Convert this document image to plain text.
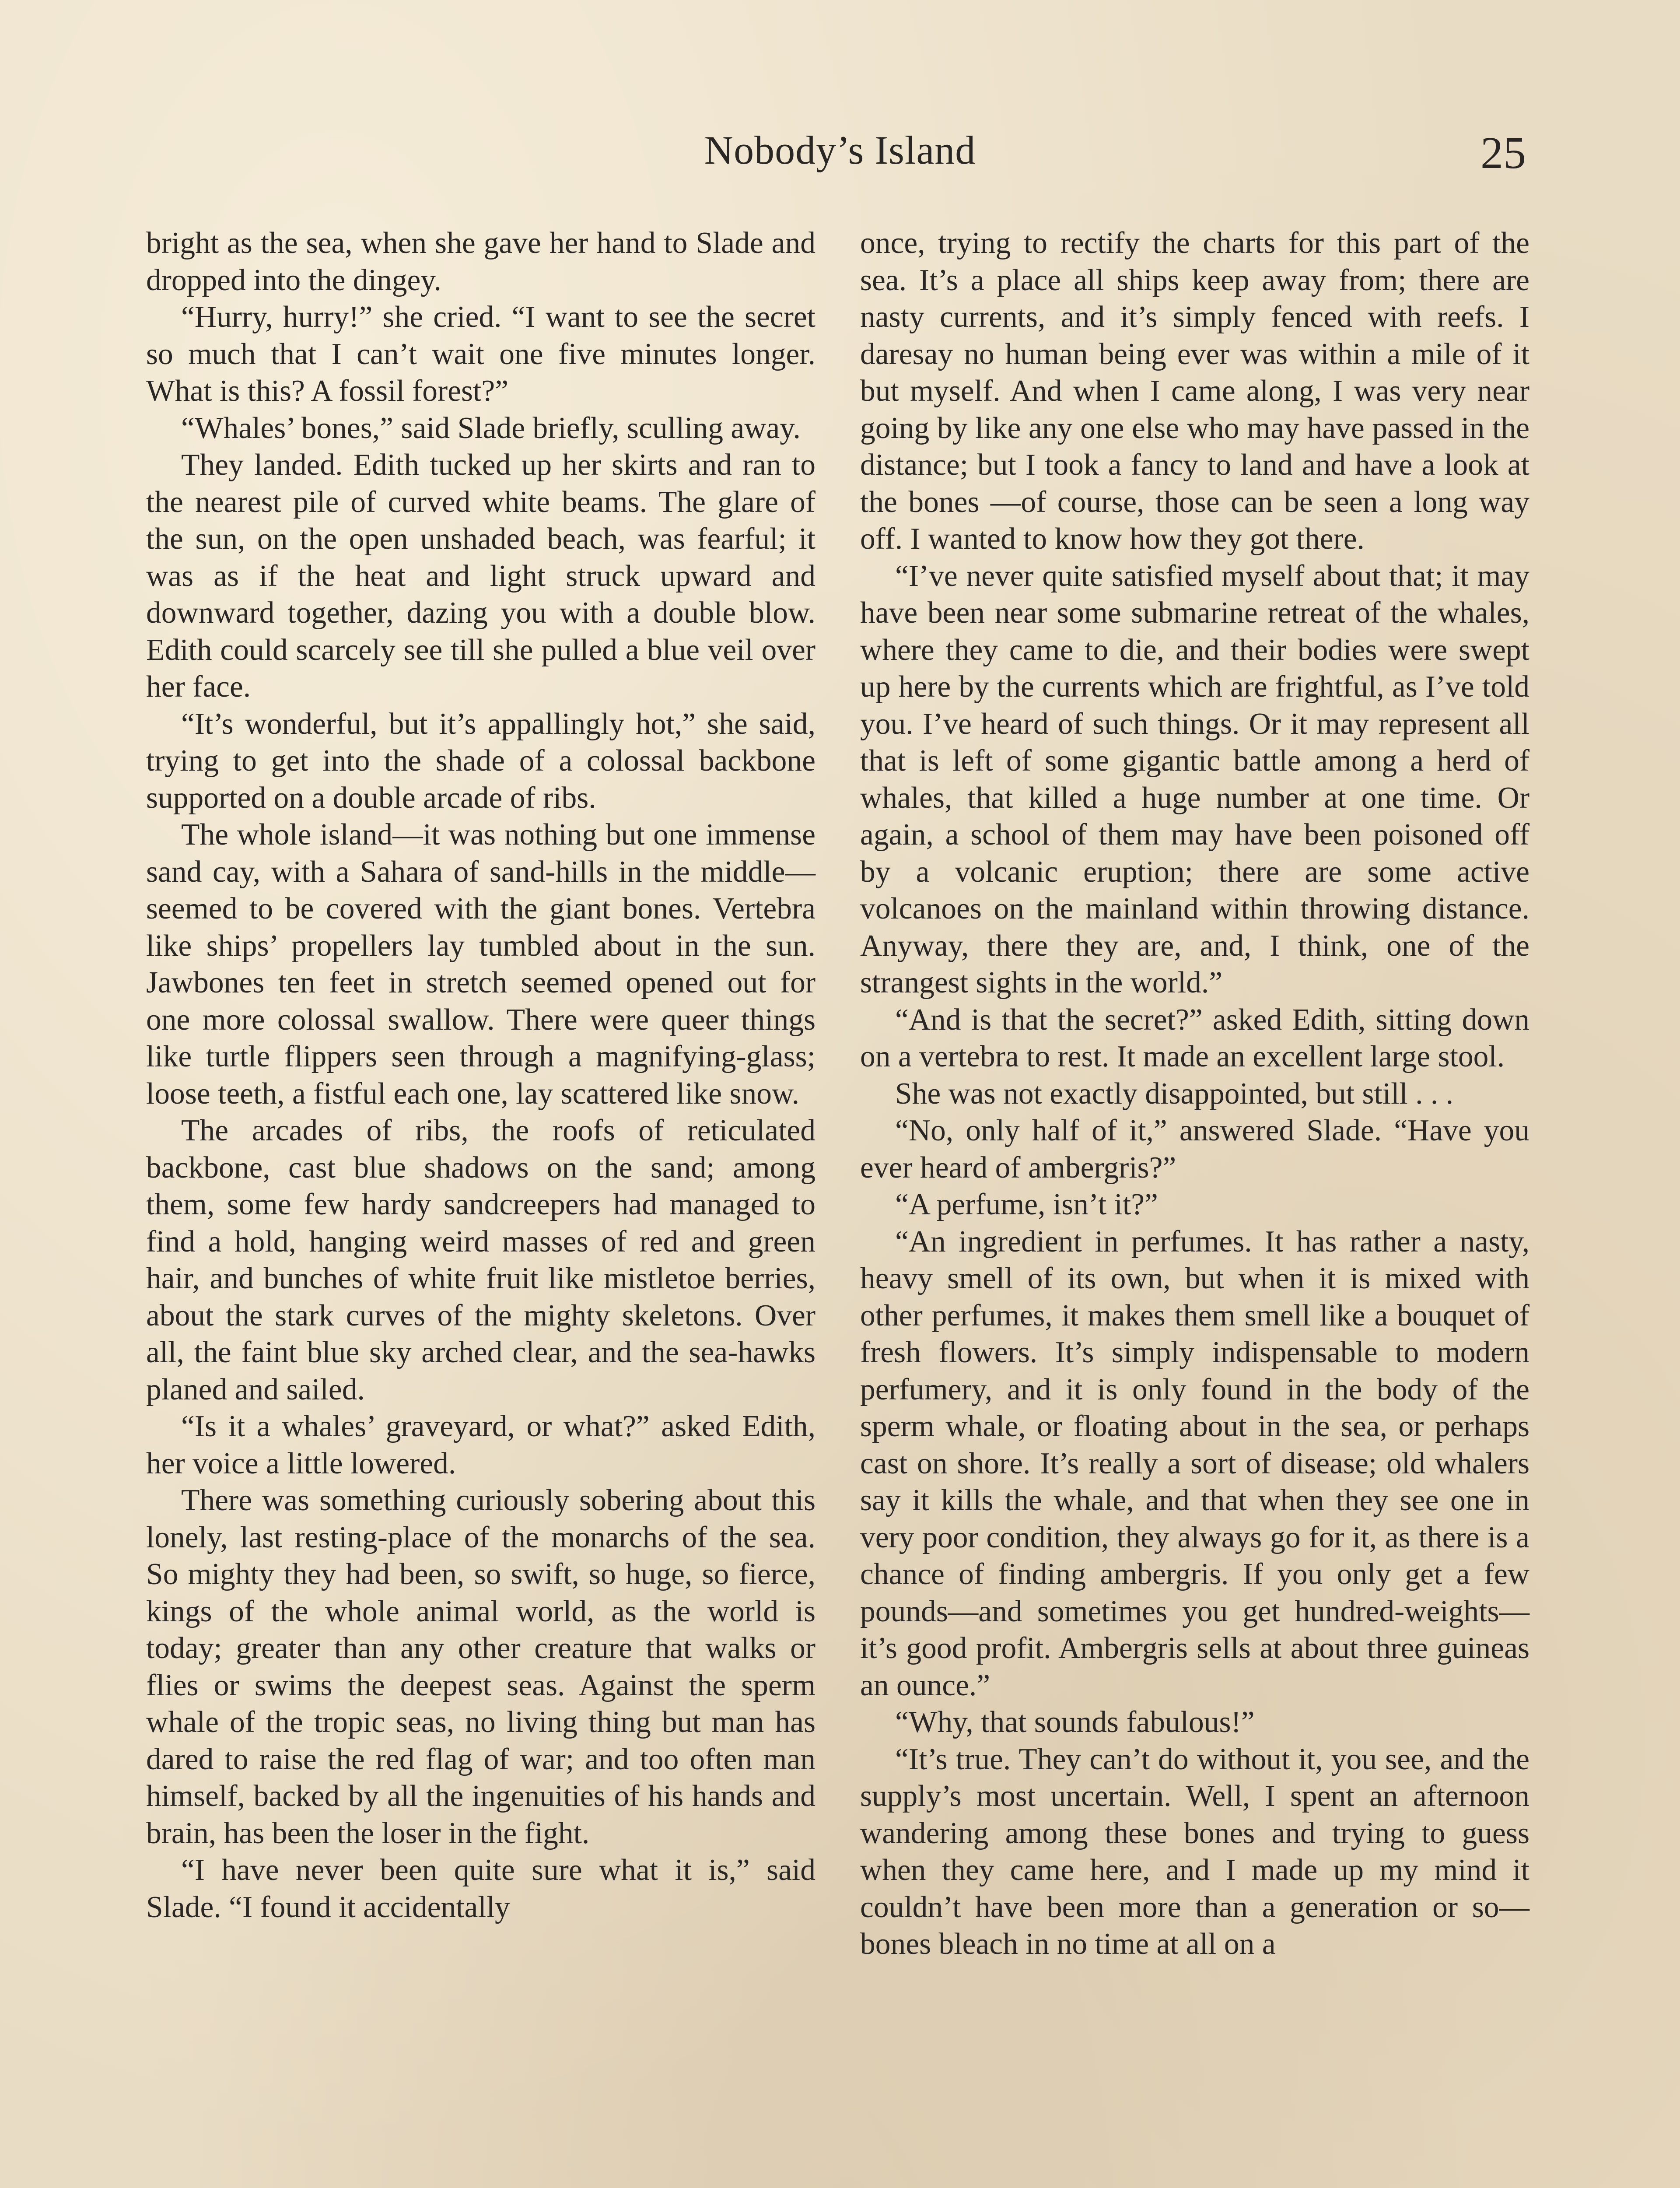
Nobody’s Island	25

bright as the sea, when she gave her hand to Slade and dropped into the dingey.

“Hurry, hurry!” she cried. “I want to see the secret so much that I can’t wait one five minutes longer. What is this? A fossil forest?”

“Whales’ bones,” said Slade briefly, sculling away.

They landed. Edith tucked up her skirts and ran to the nearest pile of curved white beams. The glare of the sun, on the open unshaded beach, was fearful; it was as if the heat and light struck upward and downward together, dazing you with a double blow. Edith could scarcely see till she pulled a blue veil over her face.

“It’s wonderful, but it’s appallingly hot,” she said, trying to get into the shade of a colossal backbone supported on a double arcade of ribs.

The whole island—it was nothing but one immense sand cay, with a Sahara of sand-hills in the middle—seemed to be covered with the giant bones. Vertebra like ships’ propellers lay tumbled about in the sun. Jawbones ten feet in stretch seemed opened out for one more colossal swallow. There were queer things like turtle flippers seen through a magnifying-glass; loose teeth, a fistful each one, lay scattered like snow.

The arcades of ribs, the roofs of reticulated backbone, cast blue shadows on the sand; among them, some few hardy sandcreepers had managed to find a hold, hanging weird masses of red and green hair, and bunches of white fruit like mistletoe berries, about the stark curves of the mighty skeletons. Over all, the faint blue sky arched clear, and the sea-hawks planed and sailed.

“Is it a whales’ graveyard, or what?” asked Edith, her voice a little lowered.

There was something curiously sobering about this lonely, last resting-place of the monarchs of the sea. So mighty they had been, so swift, so huge, so fierce, kings of the whole animal world, as the world is today; greater than any other creature that walks or flies or swims the deepest seas. Against the sperm whale of the tropic seas, no living thing but man has dared to raise the red flag of war; and too often man himself, backed by all the ingenuities of his hands and brain, has been the loser in the fight.

“I have never been quite sure what it is,” said Slade. “I found it accidentally

once, trying to rectify the charts for this part of the sea. It’s a place all ships keep away from; there are nasty currents, and it’s simply fenced with reefs. I daresay no human being ever was within a mile of it but myself. And when I came along, I was very near going by like any one else who may have passed in the distance; but I took a fancy to land and have a look at the bones —of course, those can be seen a long way off. I wanted to know how they got there.

“I’ve never quite satisfied myself about that; it may have been near some submarine retreat of the whales, where they came to die, and their bodies were swept up here by the currents which are frightful, as I’ve told you. I’ve heard of such things. Or it may represent all that is left of some gigantic battle among a herd of whales, that killed a huge number at one time. Or again, a school of them may have been poisoned off by a volcanic eruption; there are some active volcanoes on the mainland within throwing distance. Anyway, there they are, and, I think, one of the strangest sights in the world.”

“And is that the secret?” asked Edith, sitting down on a vertebra to rest. It made an excellent large stool.

She was not exactly disappointed, but still . . .

“No, only half of it,” answered Slade. “Have you ever heard of ambergris?”

“A perfume, isn’t it?”

“An ingredient in perfumes. It has rather a nasty, heavy smell of its own, but when it is mixed with other perfumes, it makes them smell like a bouquet of fresh flowers. It’s simply indispensable to modern perfumery, and it is only found in the body of the sperm whale, or floating about in the sea, or perhaps cast on shore. It’s really a sort of disease; old whalers say it kills the whale, and that when they see one in very poor condition, they always go for it, as there is a chance of finding ambergris. If you only get a few pounds—and sometimes you get hundred-weights—it’s good profit. Ambergris sells at about three guineas an ounce.”

“Why, that sounds fabulous!”

“It’s true. They can’t do without it, you see, and the supply’s most uncertain. Well, I spent an afternoon wandering among these bones and trying to guess when they came here, and I made up my mind it couldn’t have been more than a generation or so—bones bleach in no time at all on a
